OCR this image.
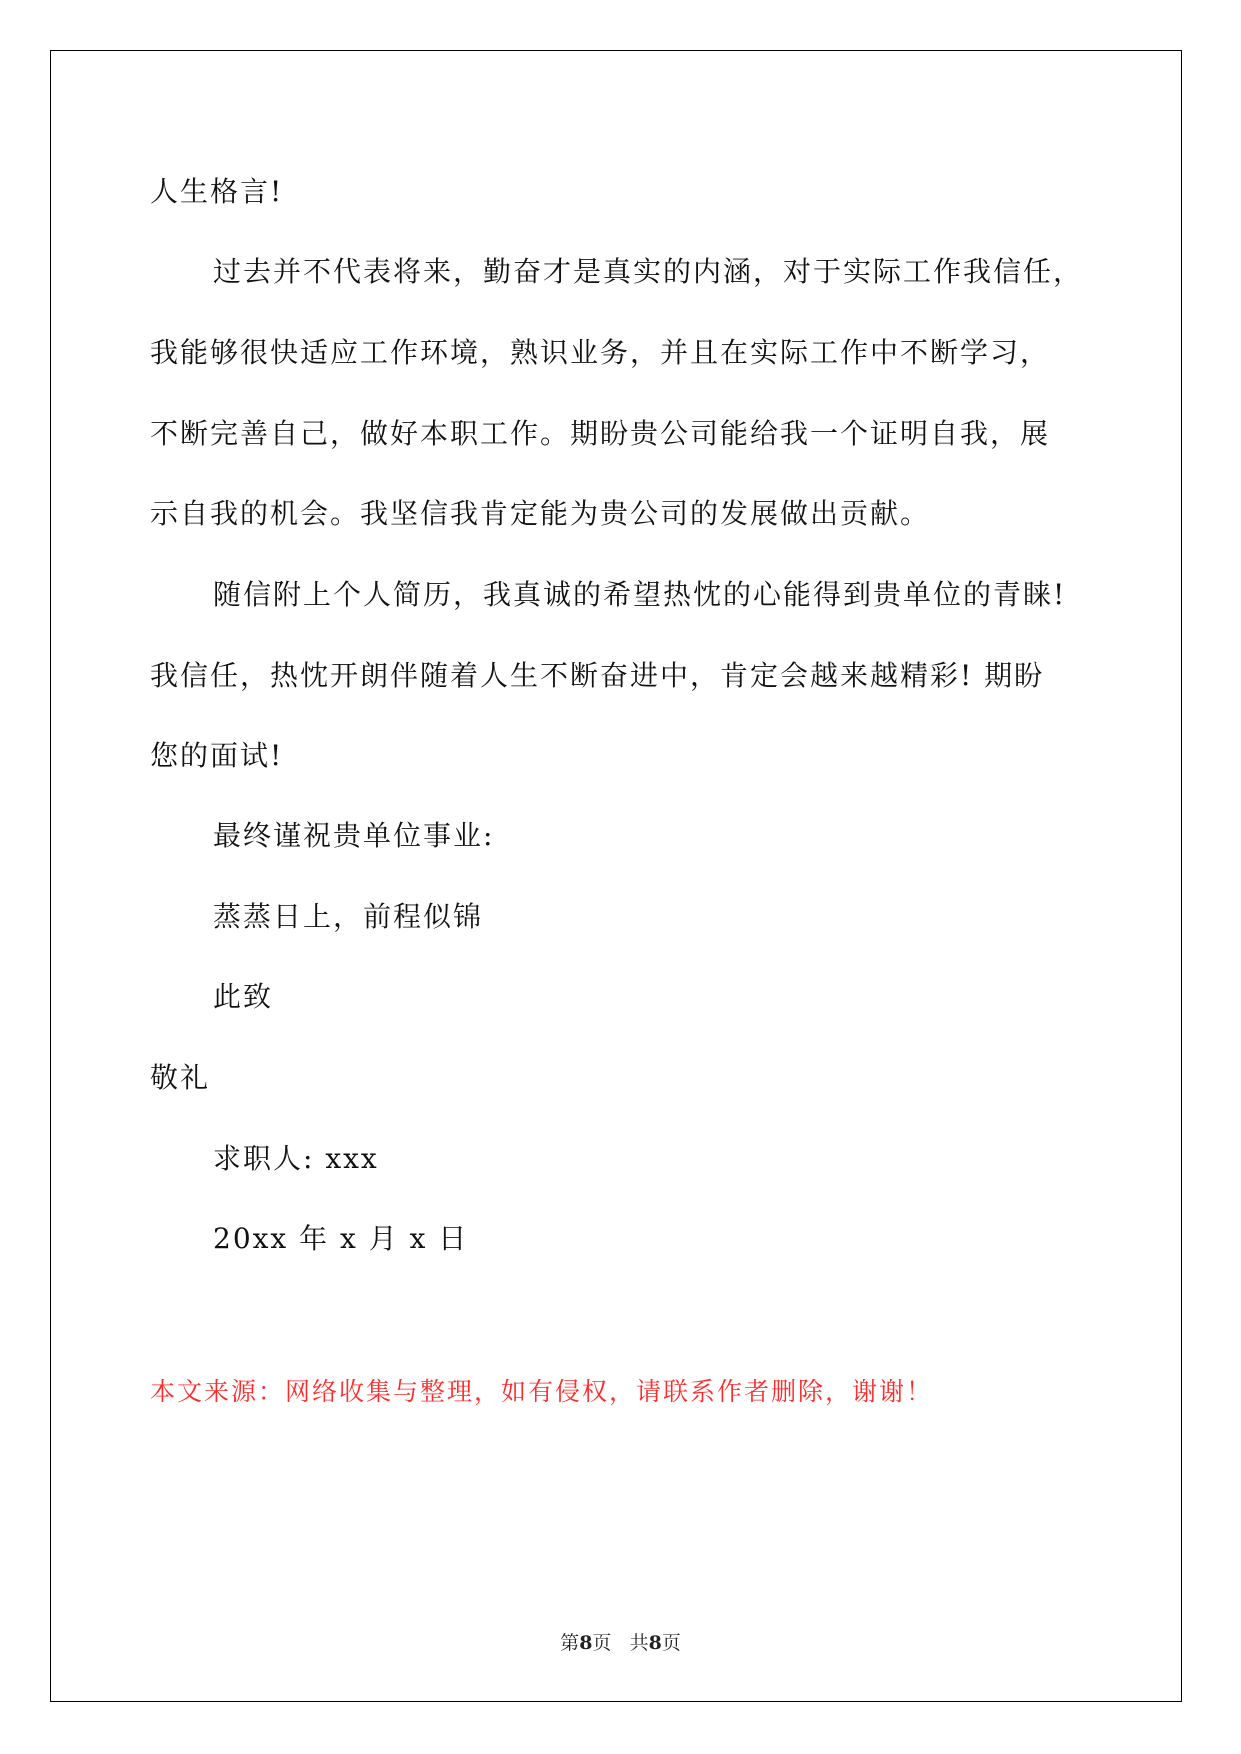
人生格言!
过去并不代表将来，勤奋才是真实的内涵，对于实际工作我信任，
我能够很快适应工作环境，熟识业务，并且在实际工作中不断学习，
不断完善自己，做好本职工作。期盼贵公司能给我一个证明自我，展
示自我的机会。我坚信我肯定能为贵公司的发展做出贡献。
随信附上个人简历，我真诚的希望热忱的心能得到贵单位的青睐!
我信任，热忱开朗伴随着人生不断奋进中，肯定会越来越精彩! 期盼
您的面试!
最终谨祝贵单位事业:
蒸蒸日上，前程似锦
此致
敬礼
求职人: xxx
20xx 年 x 月 x 日
本文来源：网络收集与整理，如有侵权，请联系作者删除，谢谢！
第8页 共8页
